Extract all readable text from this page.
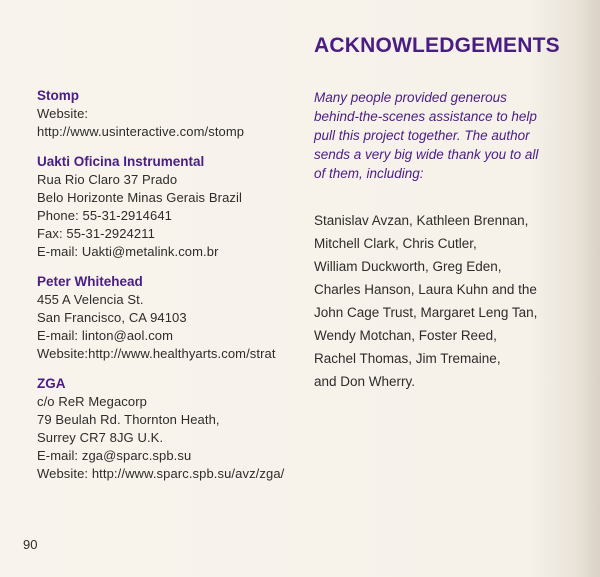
ACKNOWLEDGEMENTS
Many people provided generous
behind-the-scenes assistance to help
pull this project together. The author
sends a very big wide thank you to all
of them, including:
Stanislav Avzan, Kathleen Brennan,
Mitchell Clark, Chris Cutler,
William Duckworth, Greg Eden,
Charles Hanson, Laura Kuhn and the
John Cage Trust, Margaret Leng Tan,
Wendy Motchan, Foster Reed,
Rachel Thomas, Jim Tremaine,
and Don Wherry.
Stomp
Website:
http://www.usinteractive.com/stomp
Uakti Oficina Instrumental
Rua Rio Claro 37 Prado
Belo Horizonte Minas Gerais Brazil
Phone: 55-31-2914641
Fax: 55-31-2924211
E-mail: Uakti@metalink.com.br
Peter Whitehead
455 A Velencia St.
San Francisco, CA 94103
E-mail: linton@aol.com
Website:http://www.healthyarts.com/strat
ZGA
c/o ReR Megacorp
79 Beulah Rd. Thornton Heath,
Surrey CR7 8JG U.K.
E-mail: zga@sparc.spb.su
Website: http://www.sparc.spb.su/avz/zga/
90
